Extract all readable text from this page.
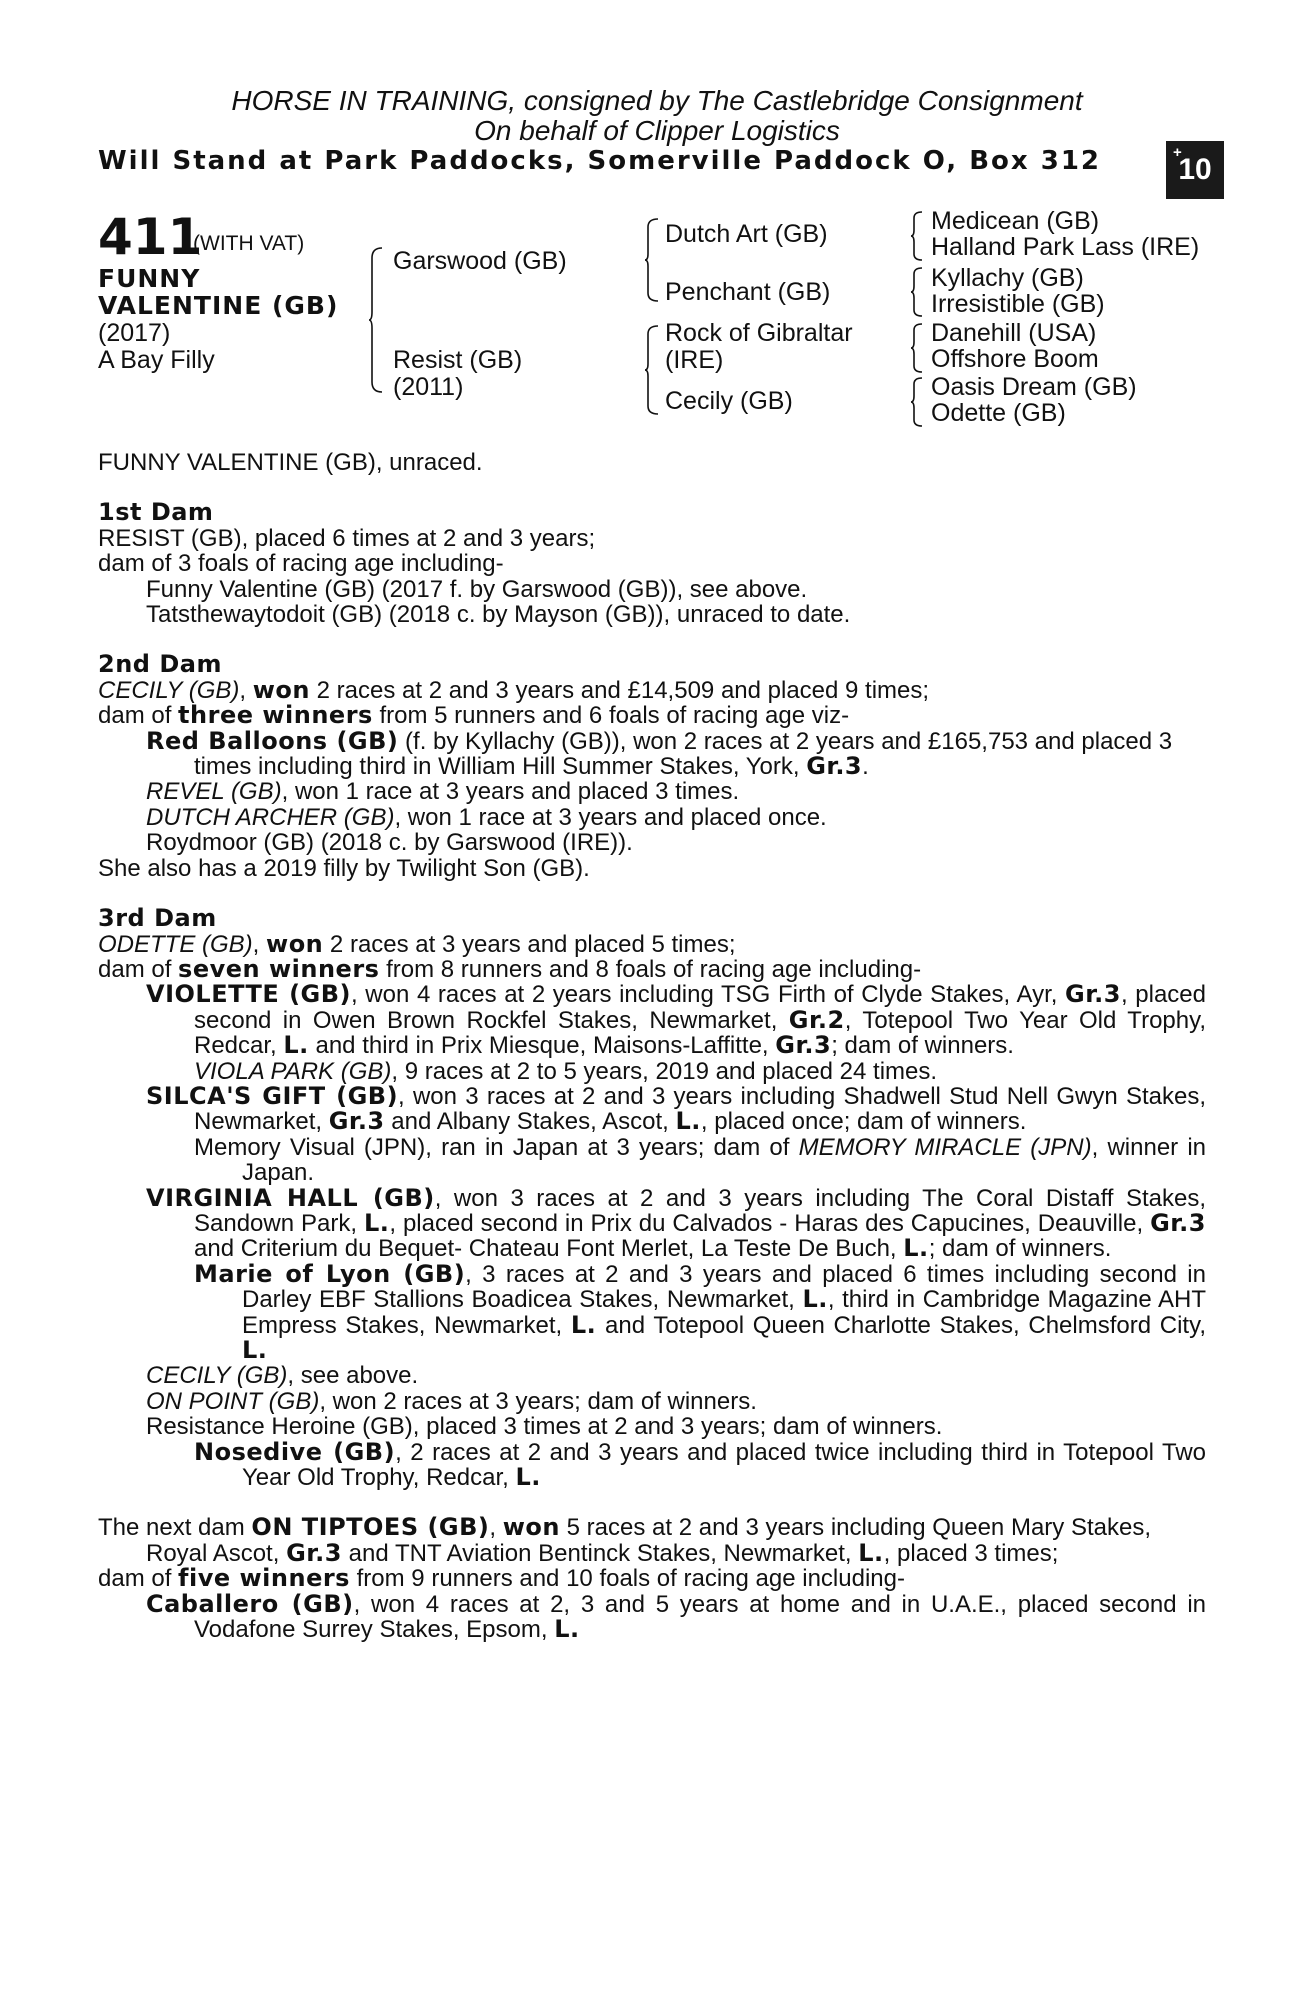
HORSE IN TRAINING, consigned by The Castlebridge Consignment
On behalf of Clipper Logistics
Will Stand at Park Paddocks, Somerville Paddock O, Box 312	+
10
411
(WITH VAT)
FUNNY
VALENTINE (GB)
(2017)
A Bay Filly
Garswood (GB)
Resist (GB)
(2011)
Dutch Art (GB)
Penchant (GB)
Rock of Gibraltar
(IRE)
Cecily (GB)
Medicean (GB)
Halland Park Lass (IRE)
Kyllachy (GB)
Irresistible (GB)
Danehill (USA)
Offshore Boom
Oasis Dream (GB)
Odette (GB)

FUNNY VALENTINE (GB), unraced.

1st Dam

RESIST (GB), placed 6 times at 2 and 3 years;

dam of 3 foals of racing age including-

Funny Valentine (GB) (2017 f. by Garswood (GB)), see above.

Tatsthewaytodoit (GB) (2018 c. by Mayson (GB)), unraced to date.

2nd Dam

CECILY (GB), won 2 races at 2 and 3 years and £14,509 and placed 9 times;

dam of three winners from 5 runners and 6 foals of racing age viz-

Red Balloons (GB) (f. by Kyllachy (GB)), won 2 races at 2 years and £165,753 and placed 3 times including third in William Hill Summer Stakes, York, Gr.3.

REVEL (GB), won 1 race at 3 years and placed 3 times.

DUTCH ARCHER (GB), won 1 race at 3 years and placed once.

Roydmoor (GB) (2018 c. by Garswood (IRE)).

She also has a 2019 filly by Twilight Son (GB).

3rd Dam

ODETTE (GB), won 2 races at 3 years and placed 5 times;

dam of seven winners from 8 runners and 8 foals of racing age including-

VIOLETTE (GB), won 4 races at 2 years including TSG Firth of Clyde Stakes, Ayr, Gr.3, placed second in Owen Brown Rockfel Stakes, Newmarket, Gr.2, Totepool Two Year Old Trophy, Redcar, L. and third in Prix Miesque, Maisons-Laffitte, Gr.3; dam of winners.

VIOLA PARK (GB), 9 races at 2 to 5 years, 2019 and placed 24 times.

SILCA'S GIFT (GB), won 3 races at 2 and 3 years including Shadwell Stud Nell Gwyn Stakes, Newmarket, Gr.3 and Albany Stakes, Ascot, L., placed once; dam of winners.

Memory Visual (JPN), ran in Japan at 3 years; dam of MEMORY MIRACLE (JPN), winner in Japan.

VIRGINIA HALL (GB), won 3 races at 2 and 3 years including The Coral Distaff Stakes, Sandown Park, L., placed second in Prix du Calvados - Haras des Capucines, Deauville, Gr.3 and Criterium du Bequet- Chateau Font Merlet, La Teste De Buch, L.; dam of winners.

Marie of Lyon (GB), 3 races at 2 and 3 years and placed 6 times including second in Darley EBF Stallions Boadicea Stakes, Newmarket, L., third in Cambridge Magazine AHT Empress Stakes, Newmarket, L. and Totepool Queen Charlotte Stakes, Chelmsford City, L.

CECILY (GB), see above.

ON POINT (GB), won 2 races at 3 years; dam of winners.

Resistance Heroine (GB), placed 3 times at 2 and 3 years; dam of winners.

Nosedive (GB), 2 races at 2 and 3 years and placed twice including third in Totepool Two Year Old Trophy, Redcar, L.

The next dam ON TIPTOES (GB), won 5 races at 2 and 3 years including Queen Mary Stakes, Royal Ascot, Gr.3 and TNT Aviation Bentinck Stakes, Newmarket, L., placed 3 times;

dam of five winners from 9 runners and 10 foals of racing age including-

Caballero (GB), won 4 races at 2, 3 and 5 years at home and in U.A.E., placed second in Vodafone Surrey Stakes, Epsom, L.
